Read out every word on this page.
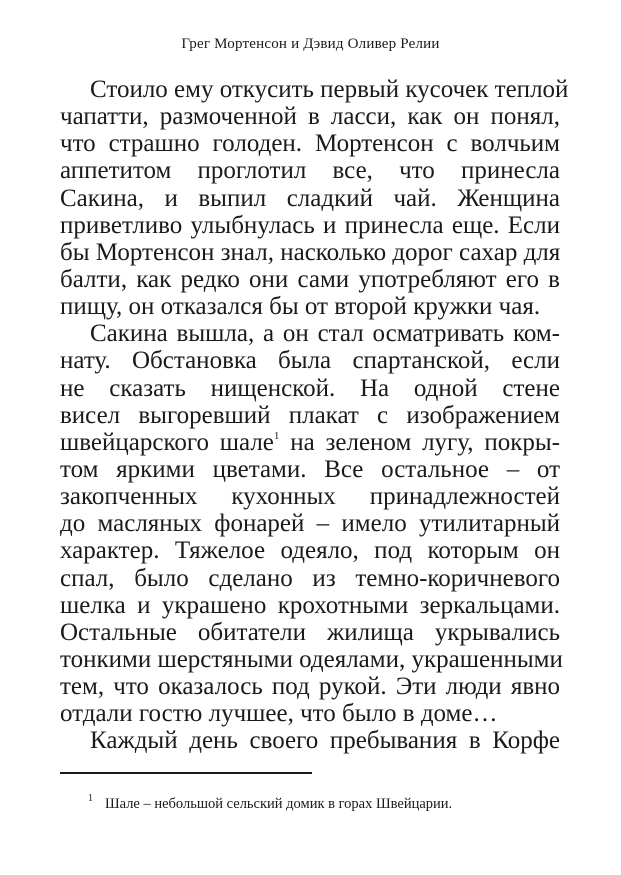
Грег Мортенсон и Дэвид Оливер Релии
Стоило ему откусить первый кусочек теплой
чапатти, размоченной в ласси, как он понял,
что страшно голоден. Мортенсон с волчьим
аппетитом проглотил все, что принесла
Сакина, и выпил сладкий чай. Женщина
приветливо улыбнулась и принесла еще. Если
бы Мортенсон знал, насколько дорог сахар для
балти, как редко они сами употребляют его в
пищу, он отказался бы от второй кружки чая.
Сакина вышла, а он стал осматривать ком-
нату. Обстановка была спартанской, если
не сказать нищенской. На одной стене
висел выгоревший плакат с изображением
швейцарского шале$^1$ на зеленом лугу, покры-
том яркими цветами. Все остальное – от
закопченных кухонных принадлежностей
до масляных фонарей – имело утилитарный
характер. Тяжелое одеяло, под которым он
спал, было сделано из темно-коричневого
шелка и украшено крохотными зеркальцами.
Остальные обитатели жилища укрывались
тонкими шерстяными одеялами, украшенными
тем, что оказалось под рукой. Эти люди явно
отдали гостю лучшее, что было в доме…
Каждый день своего пребывания в Корфе
$^1$ Шале – небольшой сельский домик в горах Швейцарии.
